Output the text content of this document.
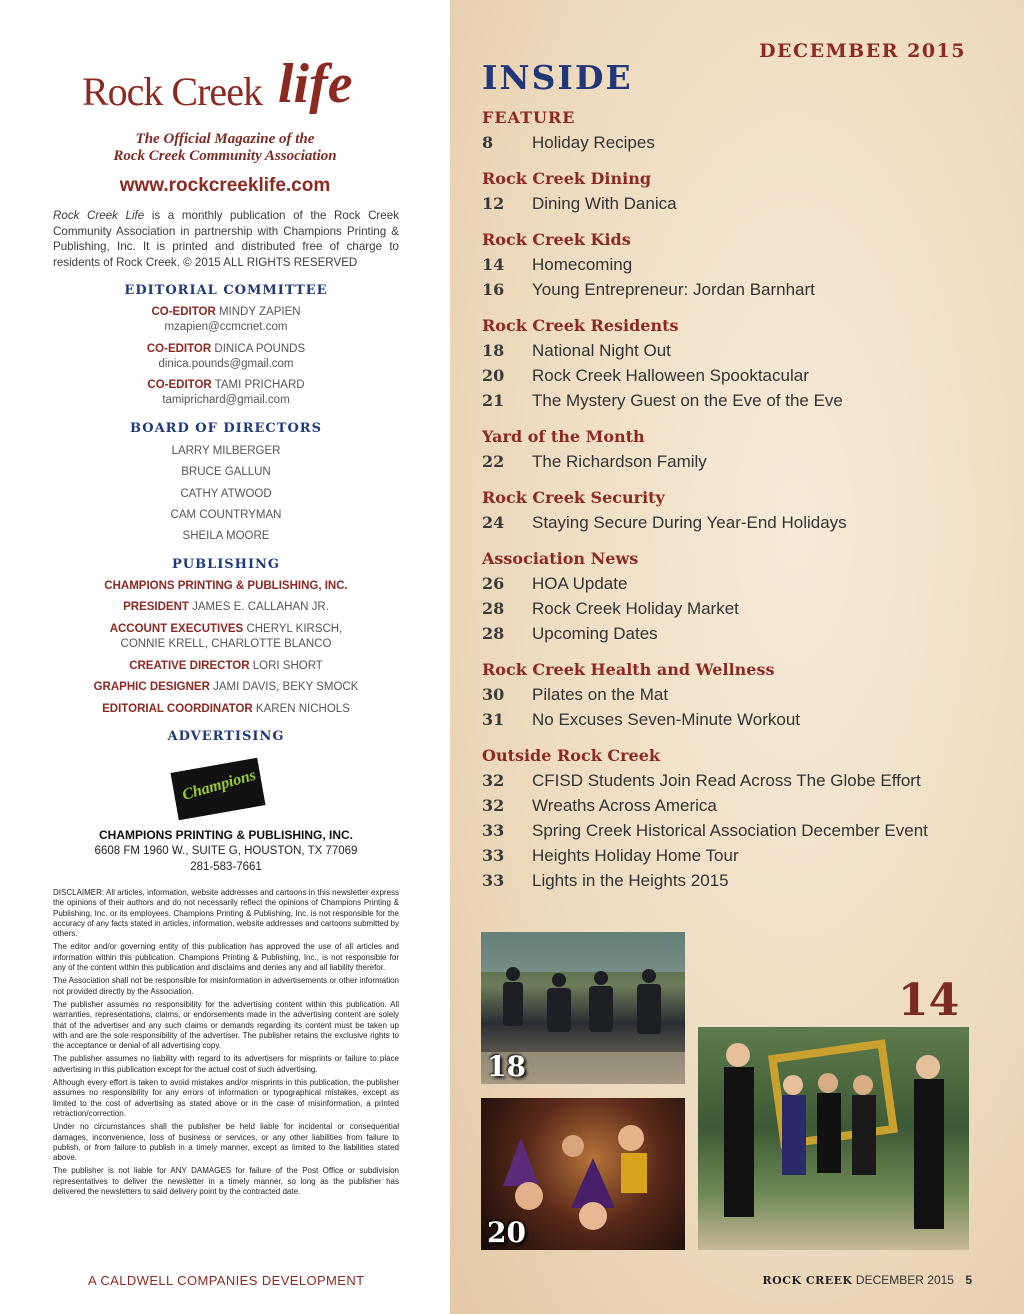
Rock Creek life
The Official Magazine of the
Rock Creek Community Association
www.rockcreeklife.com
Rock Creek Life is a monthly publication of the Rock Creek Community Association in partnership with Champions Printing & Publishing, Inc. It is printed and distributed free of charge to residents of Rock Creek. © 2015 ALL RIGHTS RESERVED
EDITORIAL COMMITTEE
CO-EDITOR MINDY ZAPIEN
mzapien@ccmcnet.com
CO-EDITOR DINICA POUNDS
dinica.pounds@gmail.com
CO-EDITOR TAMI PRICHARD
tamiprichard@gmail.com
BOARD OF DIRECTORS
LARRY MILBERGER
BRUCE GALLUN
CATHY ATWOOD
CAM COUNTRYMAN
SHEILA MOORE
PUBLISHING
CHAMPIONS PRINTING & PUBLISHING, INC.
PRESIDENT JAMES E. CALLAHAN JR.
ACCOUNT EXECUTIVES CHERYL KIRSCH,
CONNIE KRELL, CHARLOTTE BLANCO
CREATIVE DIRECTOR LORI SHORT
GRAPHIC DESIGNER JAMI DAVIS, BEKY SMOCK
EDITORIAL COORDINATOR KAREN NICHOLS
ADVERTISING
Champions
CHAMPIONS PRINTING & PUBLISHING, INC.
6608 FM 1960 W., SUITE G, HOUSTON, TX 77069
281-583-7661

DISCLAIMER: All articles, information, website addresses and cartoons in this newsletter express the opinions of their authors and do not necessarily reflect the opinions of Champions Printing & Publishing, Inc. or its employees. Champions Printing & Publishing, Inc. is not responsible for the accuracy of any facts stated in articles, information, website addresses and cartoons submitted by others.

The editor and/or governing entity of this publication has approved the use of all articles and information within this publication. Champions Printing & Publishing, Inc., is not responsible for any of the content within this publication and disclaims and denies any and all liability therefor.

The Association shall not be responsible for misinformation in advertisements or other information not provided directly by the Association.

The publisher assumes no responsibility for the advertising content within this publication. All warranties, representations, claims, or endorsements made in the advertising content are solely that of the advertiser and any such claims or demands regarding its content must be taken up with and are the sole responsibility of the advertiser. The publisher retains the exclusive rights to the acceptance or denial of all advertising copy.

The publisher assumes no liability with regard to its advertisers for misprints or failure to place advertising in this publication except for the actual cost of such advertising.

Although every effort is taken to avoid mistakes and/or misprints in this publication, the publisher assumes no responsibility for any errors of information or typographical mistakes, except as limited to the cost of advertising as stated above or in the case of misinformation, a printed retraction/correction.

Under no circumstances shall the publisher be held liable for incidental or consequential damages, inconvenience, loss of business or services, or any other liabilities from failure to publish, or from failure to publish in a timely manner, except as limited to the liabilities stated above.

The publisher is not liable for ANY DAMAGES for failure of the Post Office or subdivision representatives to deliver the newsletter in a timely manner, so long as the publisher has delivered the newsletters to said delivery point by the contracted date.

A CALDWELL COMPANIES DEVELOPMENT
DECEMBER 2015
INSIDE
FEATURE
8 Holiday Recipes
Rock Creek Dining
12 Dining With Danica
Rock Creek Kids
14 Homecoming
16 Young Entrepreneur: Jordan Barnhart
Rock Creek Residents
18 National Night Out
20 Rock Creek Halloween Spooktacular
21 The Mystery Guest on the Eve of the Eve
Yard of the Month
22 The Richardson Family
Rock Creek Security
24 Staying Secure During Year-End Holidays
Association News
26 HOA Update
28 Rock Creek Holiday Market
28 Upcoming Dates
Rock Creek Health and Wellness
30 Pilates on the Mat
31 No Excuses Seven-Minute Workout
Outside Rock Creek
32 CFISD Students Join Read Across The Globe Effort
32 Wreaths Across America
33 Spring Creek Historical Association December Event
33 Heights Holiday Home Tour
33 Lights in the Heights 2015
18
20
14
ROCK CREEK DECEMBER 2015 5
